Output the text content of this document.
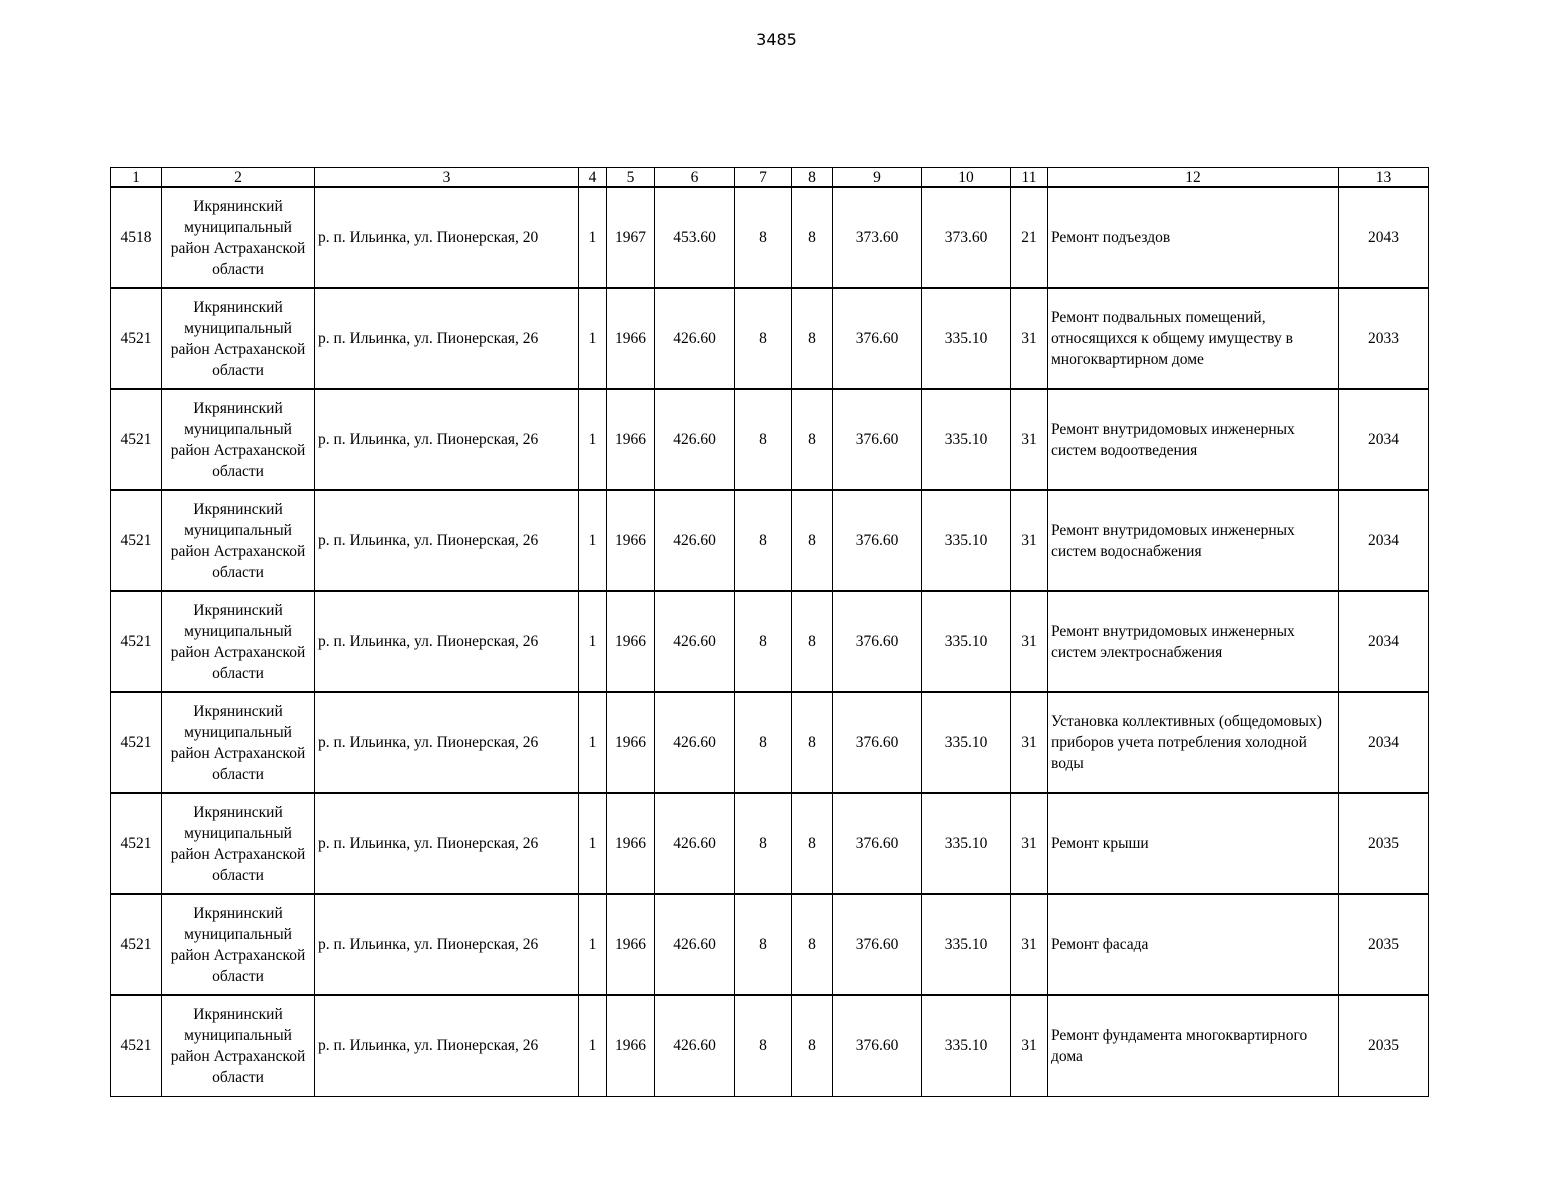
3485
1	2	3	4	5	6	7	8	9	10	11	12	13
4518	Икрянинский муниципальный район Астраханской области	р. п. Ильинка, ул. Пионерская, 20	1	1967	453.60	8	8	373.60	373.60	21	Ремонт подъездов	2043
4521	Икрянинский муниципальный район Астраханской области	р. п. Ильинка, ул. Пионерская, 26	1	1966	426.60	8	8	376.60	335.10	31	Ремонт подвальных помещений, относящихся к общему имуществу в многоквартирном доме	2033
4521	Икрянинский муниципальный район Астраханской области	р. п. Ильинка, ул. Пионерская, 26	1	1966	426.60	8	8	376.60	335.10	31	Ремонт внутридомовых инженерных систем водоотведения	2034
4521	Икрянинский муниципальный район Астраханской области	р. п. Ильинка, ул. Пионерская, 26	1	1966	426.60	8	8	376.60	335.10	31	Ремонт внутридомовых инженерных систем водоснабжения	2034
4521	Икрянинский муниципальный район Астраханской области	р. п. Ильинка, ул. Пионерская, 26	1	1966	426.60	8	8	376.60	335.10	31	Ремонт внутридомовых инженерных систем электроснабжения	2034
4521	Икрянинский муниципальный район Астраханской области	р. п. Ильинка, ул. Пионерская, 26	1	1966	426.60	8	8	376.60	335.10	31	Установка коллективных (общедомовых) приборов учета потребления холодной воды	2034
4521	Икрянинский муниципальный район Астраханской области	р. п. Ильинка, ул. Пионерская, 26	1	1966	426.60	8	8	376.60	335.10	31	Ремонт крыши	2035
4521	Икрянинский муниципальный район Астраханской области	р. п. Ильинка, ул. Пионерская, 26	1	1966	426.60	8	8	376.60	335.10	31	Ремонт фасада	2035
4521	Икрянинский муниципальный район Астраханской области	р. п. Ильинка, ул. Пионерская, 26	1	1966	426.60	8	8	376.60	335.10	31	Ремонт фундамента многоквартирного дома	2035
